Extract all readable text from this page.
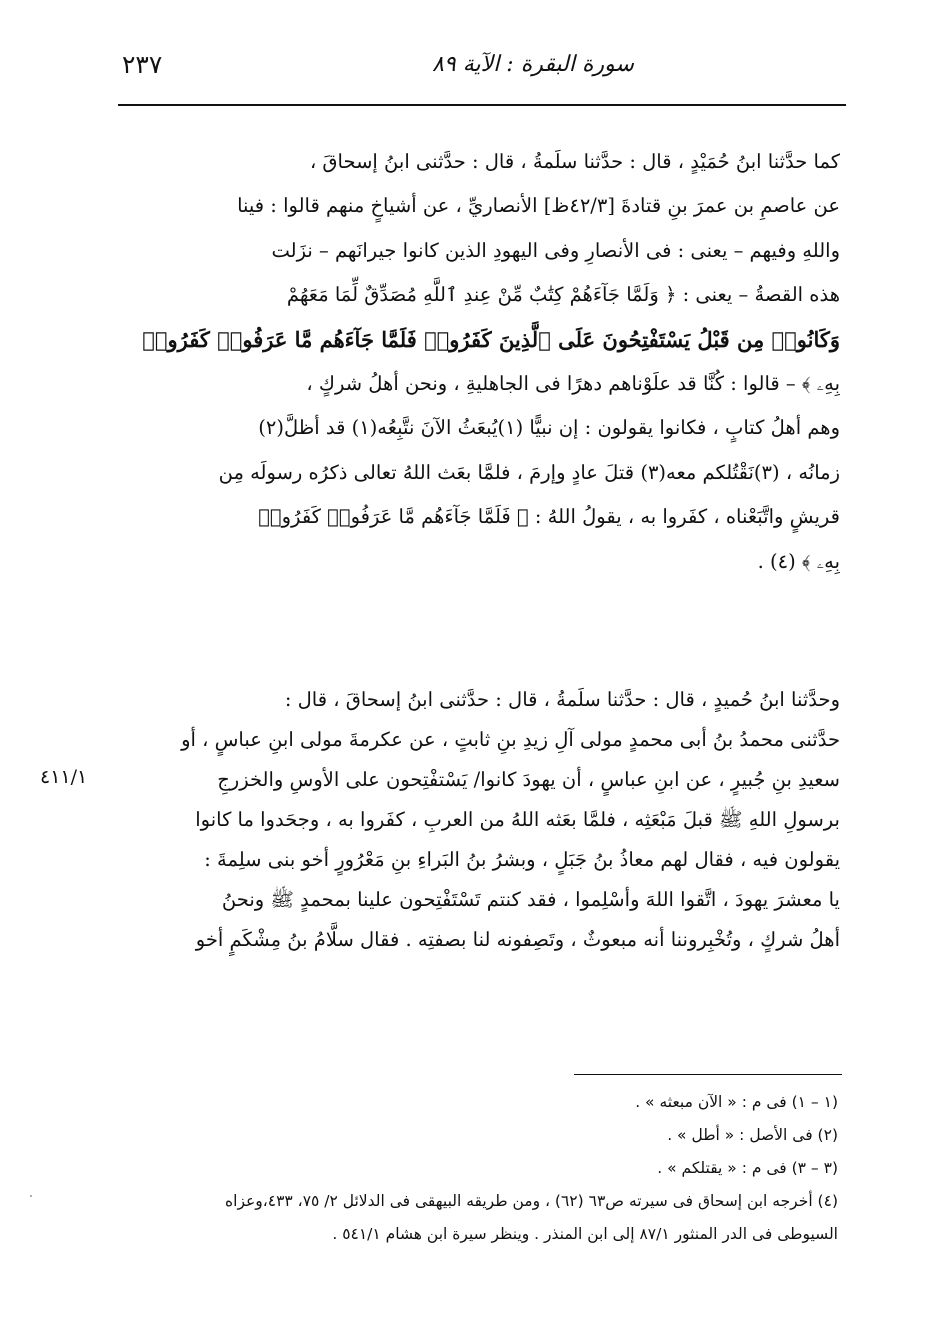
٢٣٧	سورة البقرة : الآية ٨٩
كما حدَّثنا ابنُ حُمَيْدٍ ، قال : حدَّثنا سلَمةُ ، قال : حدَّثنى ابنُ إسحاقَ ،
عن عاصمِ بن عمرَ بنِ قتادةَ [٤٢/٣ظ] الأنصاريِّ ، عن أشياخٍ منهم قالوا : فينا
واللهِ وفيهم – يعنى : فى الأنصارِ وفى اليهودِ الذين كانوا جيرانَهم – نزَلت
هذه القصةُ – يعنى : ﴿ وَلَمَّا جَآءَهُمْ كِتَٰبٌ مِّنْ عِندِ ٱللَّهِ مُصَدِّقٌ لِّمَا مَعَهُمْ
وَكَانُوا۟ مِن قَبْلُ يَسْتَفْتِحُونَ عَلَى ٱلَّذِينَ كَفَرُوا۟ فَلَمَّا جَآءَهُم مَّا عَرَفُوا۟ كَفَرُوا۟
بِهِۦ ﴾ – قالوا : كُنَّا قد علَوْناهم دهرًا فى الجاهليةِ ، ونحن أهلُ شركٍ ،
وهم أهلُ كتابٍ ، فكانوا يقولون : إن نبيًّا (١)يُبعَثُ الآنَ نتَّبِعُه(١) قد أظلَّ(٢)
زمانُه ، (٣)نَقْتُلكم معه(٣) قتلَ عادٍ وإرمَ ، فلمَّا بعَث اللهُ تعالى ذكرُه رسولَه مِن
قريشٍ واتَّبَعْناه ، كفَروا به ، يقولُ اللهُ : ﴿ فَلَمَّا جَآءَهُم مَّا عَرَفُوا۟ كَفَرُوا۟
بِهِۦ ﴾ (٤) .
وحدَّثنا ابنُ حُميدٍ ، قال : حدَّثنا سلَمةُ ، قال : حدَّثنى ابنُ إسحاقَ ، قال :
حدَّثنى محمدُ بنُ أبى محمدٍ مولى آلِ زيدِ بنِ ثابتٍ ، عن عكرمةَ مولى ابنِ عباسٍ ، أو
سعيدِ بنِ جُبيرٍ ، عن ابنِ عباسٍ ، أن يهودَ كانوا/ يَسْتفْتِحون على الأوسِ والخزرجِ
برسولِ اللهِ ﷺ قبلَ مَبْعَثِه ، فلمَّا بعَثه اللهُ من العربِ ، كفَروا به ، وجحَدوا ما كانوا
يقولون فيه ، فقال لهم معاذُ بنُ جَبَلٍ ، وبشرُ بنُ البَراءِ بنِ مَعْرُورٍ أخو بنى سلِمةَ :
يا معشرَ يهودَ ، اتَّقوا اللهَ وأسْلِموا ، فقد كنتم تَسْتَفْتِحون علينا بمحمدٍ ﷺ ونحنُ
أهلُ شركٍ ، وتُخْبِروننا أنه مبعوثٌ ، وتَصِفونه لنا بصفتِه . فقال سلَّامُ بنُ مِشْكَمٍ أخو
٤١١/١
(١ – ١) فى م : « الآن مبعثه » .
(٢) فى الأصل : « أطل » .
(٣ – ٣) فى م : « يقتلكم » .
(٤) أخرجه ابن إسحاق فى سيرته ص٦٣ (٦٢) ، ومن طريقه البيهقى فى الدلائل ٢/ ٧٥، ٤٣٣،وعزاه
السيوطى فى الدر المنثور ٨٧/١ إلى ابن المنذر . وينظر سيرة ابن هشام ٥٤١/١ .
